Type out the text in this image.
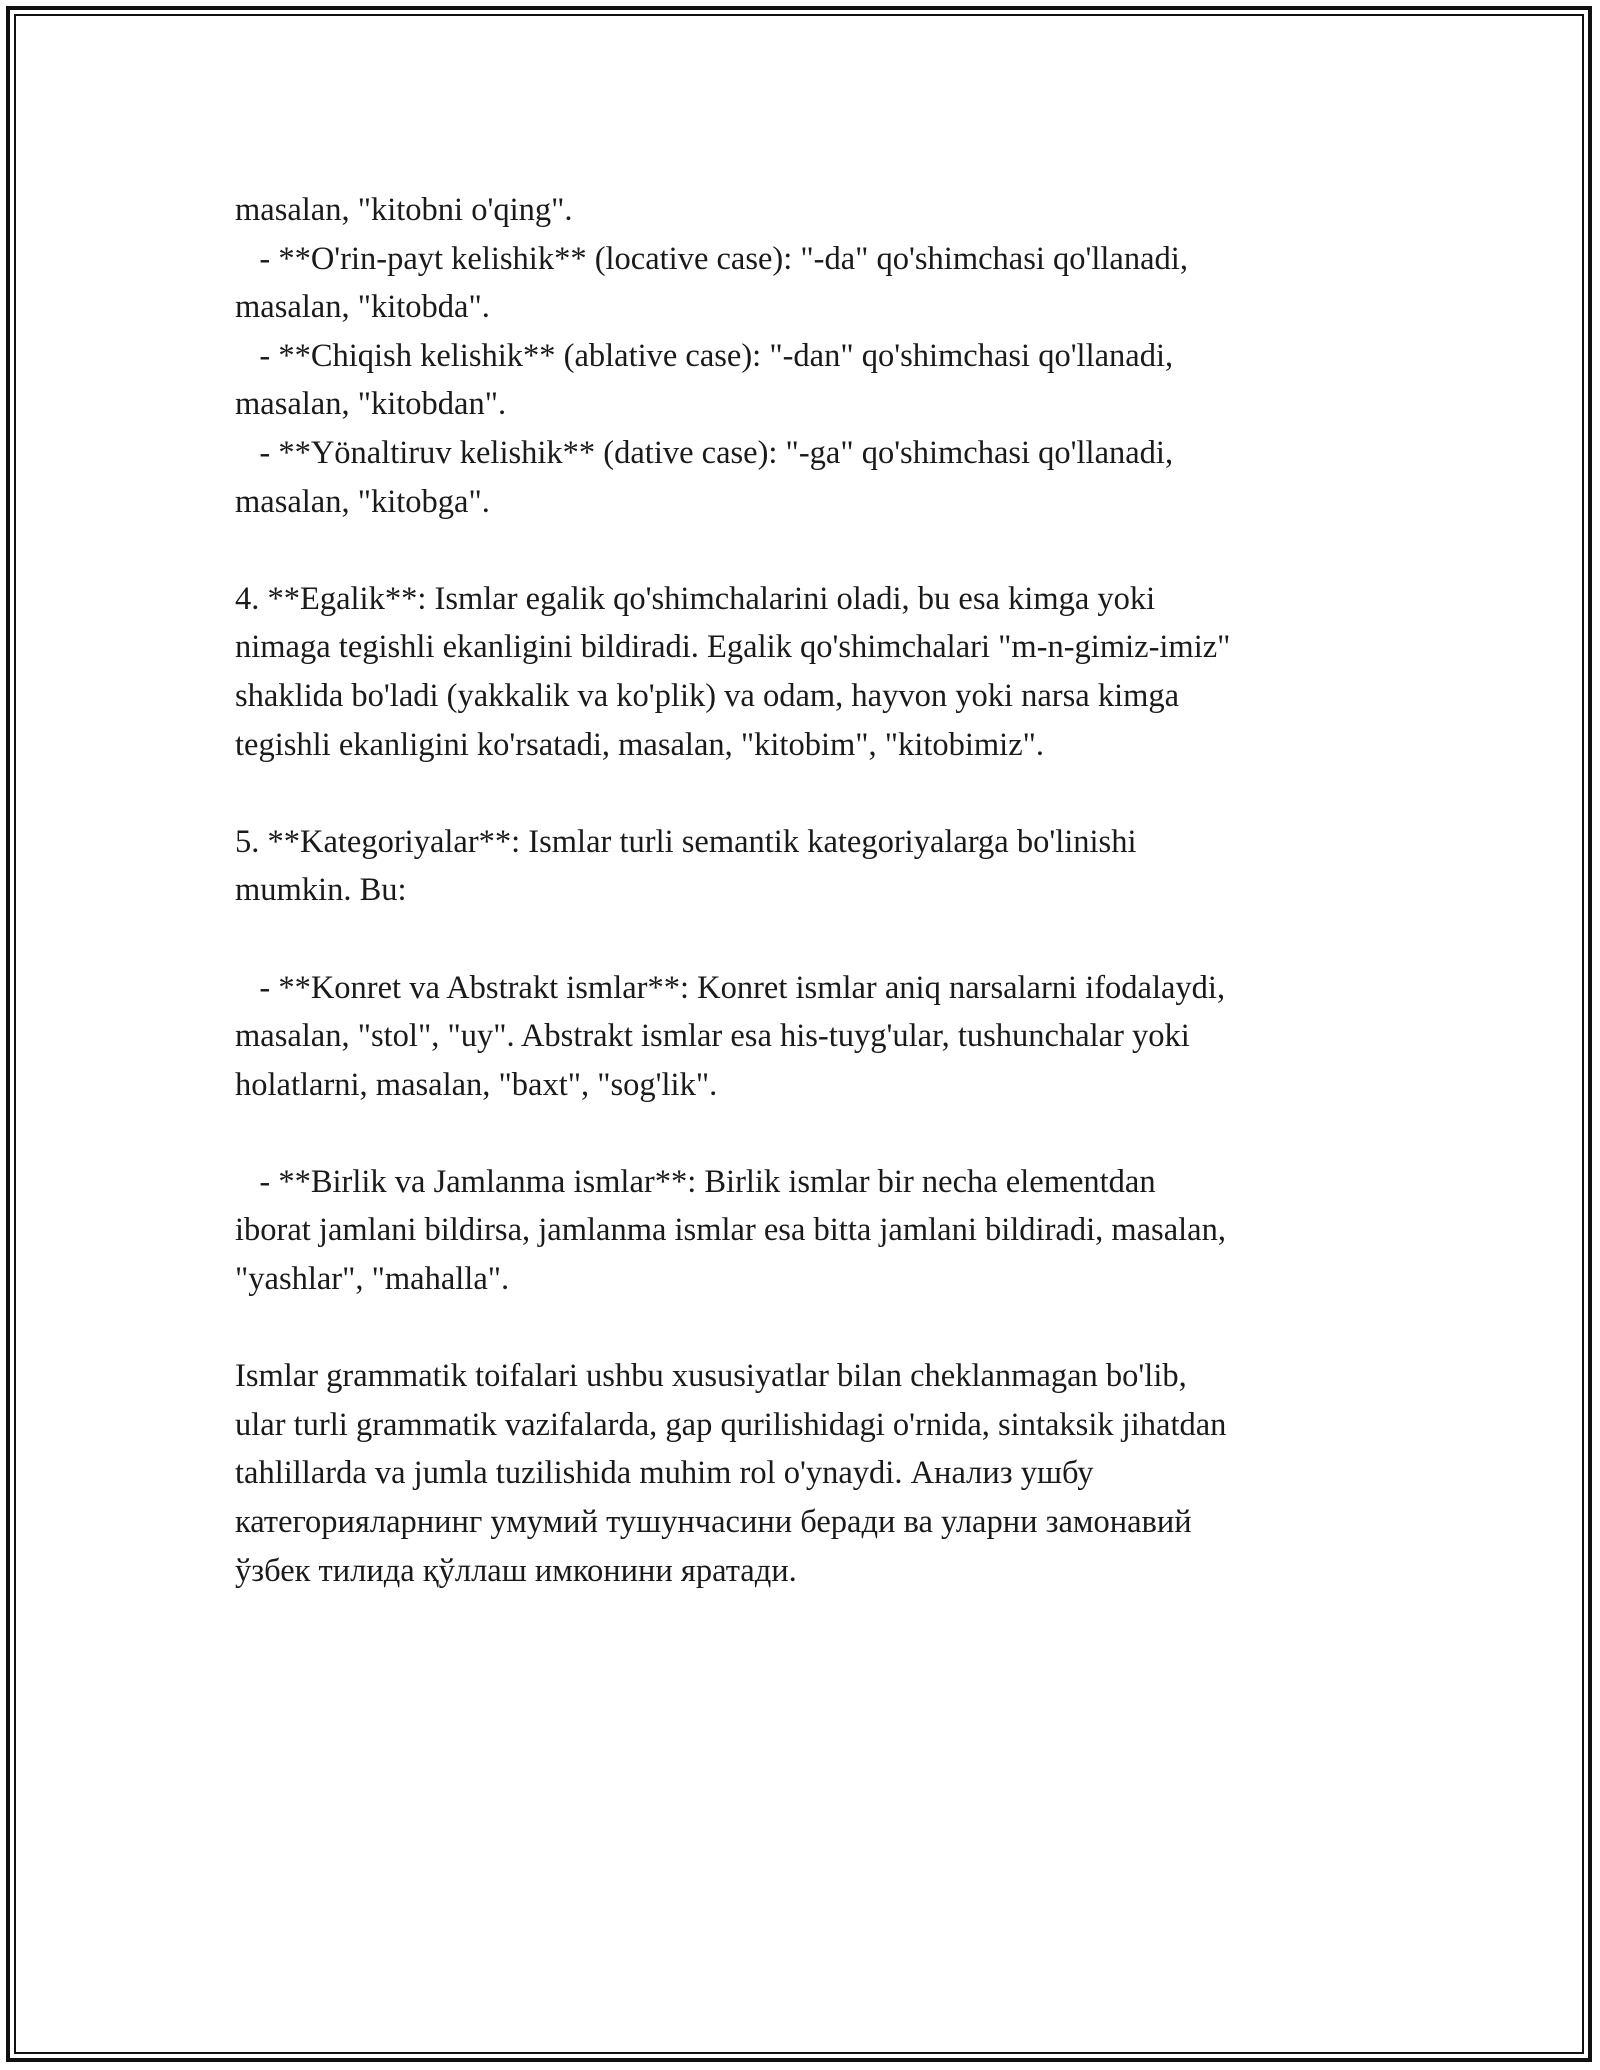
masalan, "kitobni o'qing".
- **O'rin-payt kelishik** (locative case): "-da" qo'shimchasi qo'llanadi,
masalan, "kitobda".
- **Chiqish kelishik** (ablative case): "-dan" qo'shimchasi qo'llanadi,
masalan, "kitobdan".
- **Yönaltiruv kelishik** (dative case): "-ga" qo'shimchasi qo'llanadi,
masalan, "kitobga".
4. **Egalik**: Ismlar egalik qo'shimchalarini oladi, bu esa kimga yoki
nimaga tegishli ekanligini bildiradi. Egalik qo'shimchalari "m-n-gimiz-imiz"
shaklida bo'ladi (yakkalik va ko'plik) va odam, hayvon yoki narsa kimga
tegishli ekanligini ko'rsatadi, masalan, "kitobim", "kitobimiz".
5. **Kategoriyalar**: Ismlar turli semantik kategoriyalarga bo'linishi
mumkin. Bu:
- **Konret va Abstrakt ismlar**: Konret ismlar aniq narsalarni ifodalaydi,
masalan, "stol", "uy". Abstrakt ismlar esa his-tuyg'ular, tushunchalar yoki
holatlarni, masalan, "baxt", "sog'lik".
- **Birlik va Jamlanma ismlar**: Birlik ismlar bir necha elementdan
iborat jamlani bildirsa, jamlanma ismlar esa bitta jamlani bildiradi, masalan,
"yashlar", "mahalla".
Ismlar grammatik toifalari ushbu xususiyatlar bilan cheklanmagan bo'lib,
ular turli grammatik vazifalarda, gap qurilishidagi o'rnida, sintaksik jihatdan
tahlillarda va jumla tuzilishida muhim rol o'ynaydi. Анализ ушбу
категорияларнинг умумий тушунчасини беради ва уларни замонавий
ўзбек тилида қўллаш имконини яратади.
